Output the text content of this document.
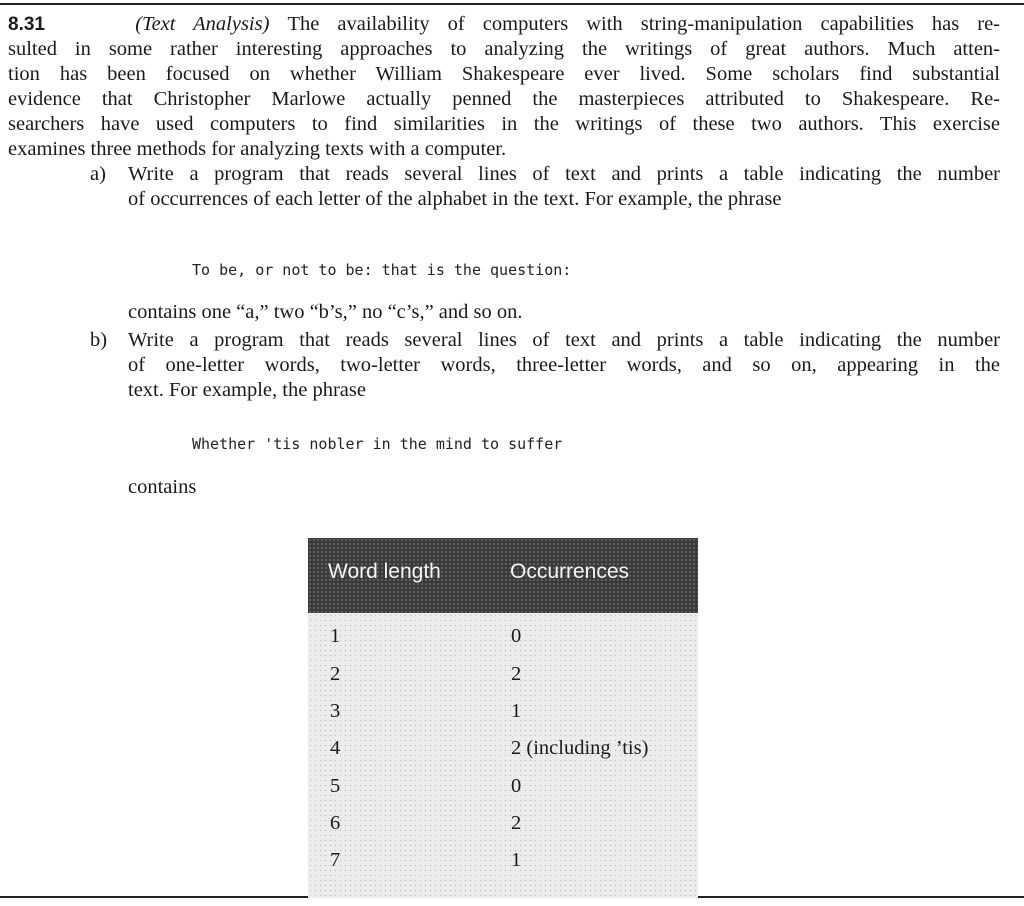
8.31	(Text Analysis) The availability of computers with string-manipulation capabilities has re-
sulted in some rather interesting approaches to analyzing the writings of great authors. Much atten-
tion has been focused on whether William Shakespeare ever lived. Some scholars find substantial
evidence that Christopher Marlowe actually penned the masterpieces attributed to Shakespeare. Re-
searchers have used computers to find similarities in the writings of these two authors. This exercise
examines three methods for analyzing texts with a computer.
a) Write a program that reads several lines of text and prints a table indicating the number
of occurrences of each letter of the alphabet in the text. For example, the phrase
To be, or not to be: that is the question:
contains one “a,” two “b’s,” no “c’s,” and so on.
b) Write a program that reads several lines of text and prints a table indicating the number
of one-letter words, two-letter words, three-letter words, and so on, appearing in the
text. For example, the phrase
Whether 'tis nobler in the mind to suffer
contains
Word length	Occurrences
1	0
2	2
3	1
4	2 (including ’tis)
5	0
6	2
7	1
